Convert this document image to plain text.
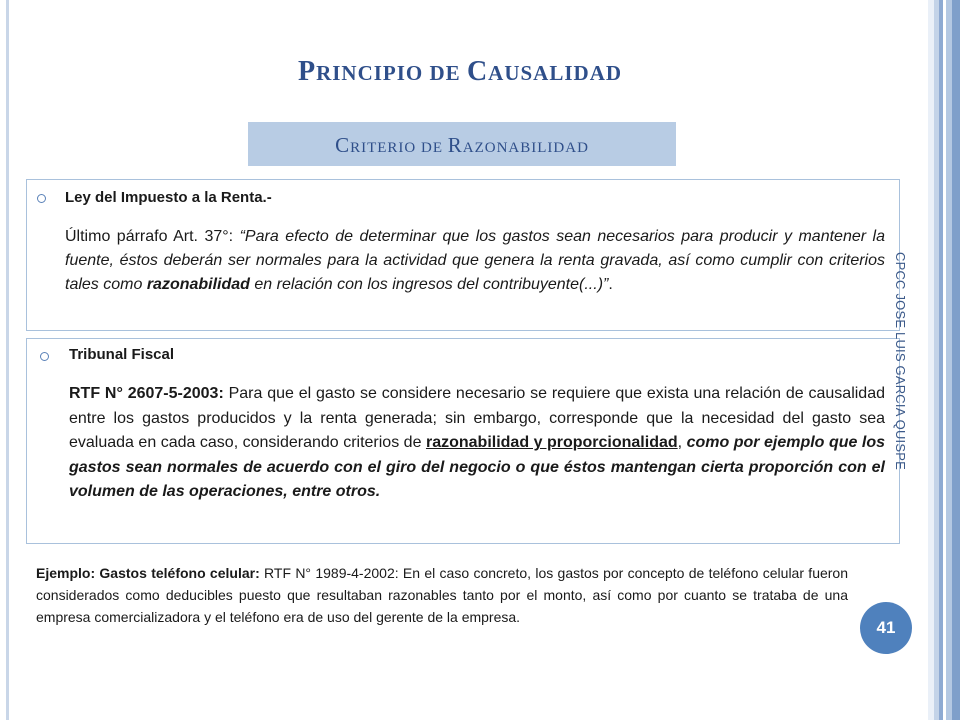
PRINCIPIO DE CAUSALIDAD
CRITERIO DE RAZONABILIDAD
Ley del Impuesto a la Renta.-
Último párrafo Art. 37°: “Para efecto de determinar que los gastos sean necesarios para producir y mantener la fuente, éstos deberán ser normales para la actividad que genera la renta gravada, así como cumplir con criterios tales como razonabilidad en relación con los ingresos del contribuyente(...)”.
Tribunal Fiscal
RTF N° 2607-5-2003: Para que el gasto se considere necesario se requiere que exista una relación de causalidad entre los gastos producidos y la renta generada; sin embargo, corresponde que la necesidad del gasto sea evaluada en cada caso, considerando criterios de razonabilidad y proporcionalidad, como por ejemplo que los gastos sean normales de acuerdo con el giro del negocio o que éstos mantengan cierta proporción con el volumen de las operaciones, entre otros.
Ejemplo: Gastos teléfono celular: RTF N° 1989-4-2002: En el caso concreto, los gastos por concepto de teléfono celular fueron considerados como deducibles puesto que resultaban razonables tanto por el monto, así como por cuanto se trataba de una empresa comercializadora y el teléfono era de uso del gerente de la empresa.
41
CPCC JOSE LUIS GARCIA QUISPE
